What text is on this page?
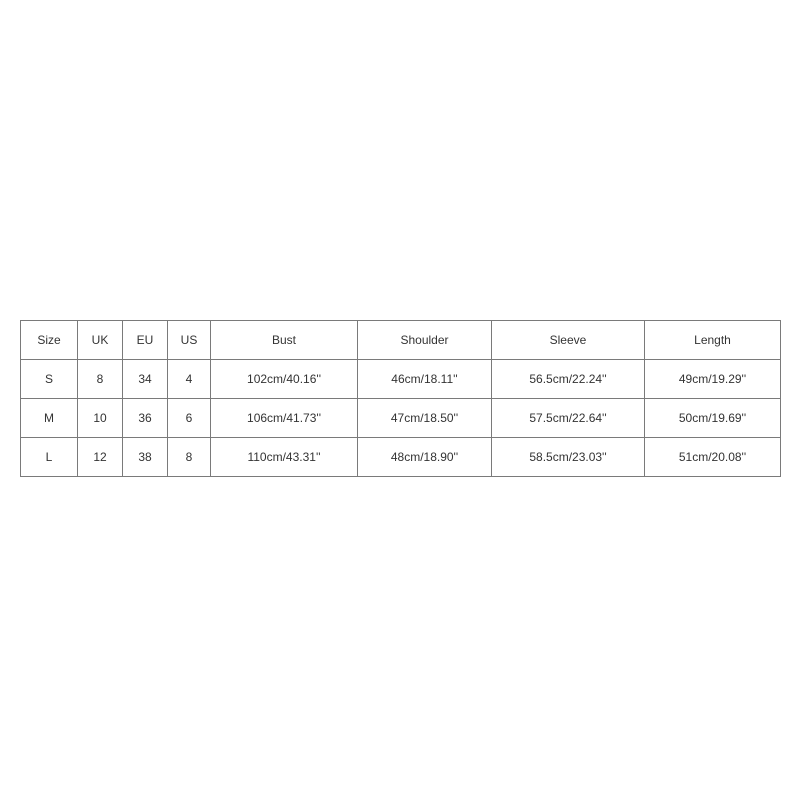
Size	UK	EU	US	Bust	Shoulder	Sleeve	Length
S	8	34	4	102cm/40.16''	46cm/18.11''	56.5cm/22.24''	49cm/19.29''
M	10	36	6	106cm/41.73''	47cm/18.50''	57.5cm/22.64''	50cm/19.69''
L	12	38	8	110cm/43.31''	48cm/18.90''	58.5cm/23.03''	51cm/20.08''
